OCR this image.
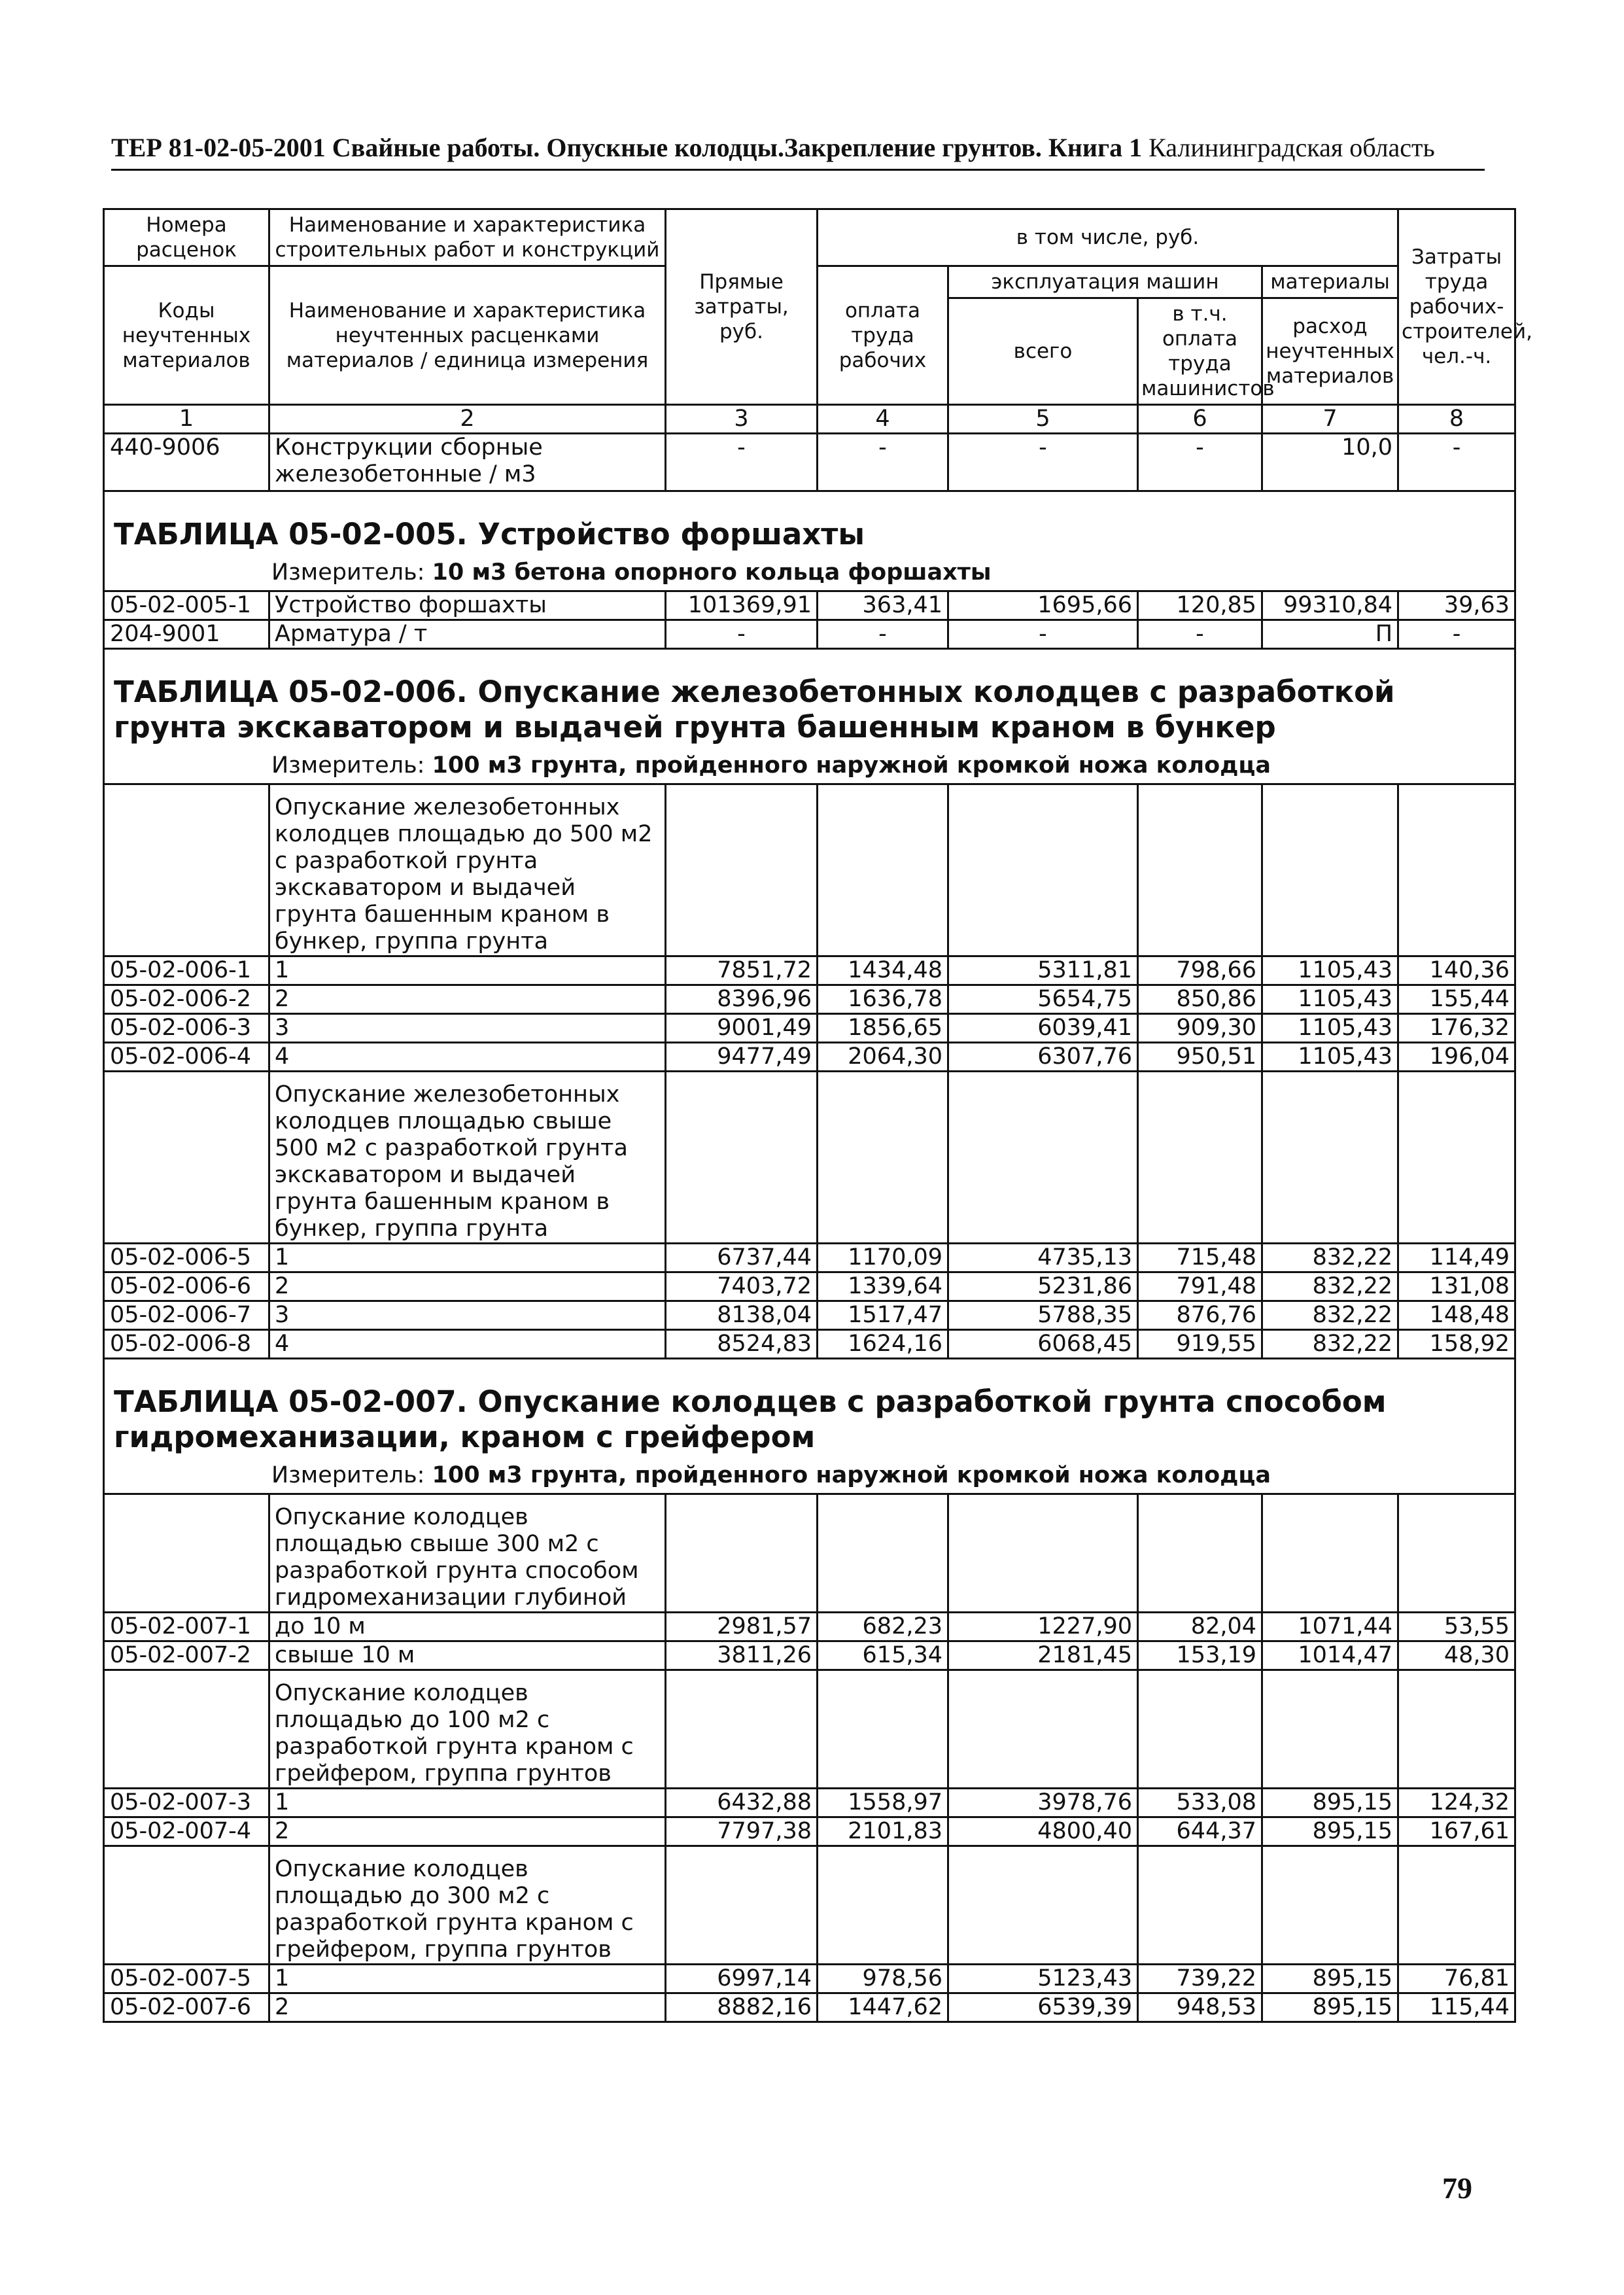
ТЕР 81-02-05-2001 Свайные работы. Опускные колодцы.Закрепление грунтов. Книга 1 Калининградская область
Номера расценок	Наименование и характеристика строительных работ и конструкций	Прямые затраты, руб.	в том числе, руб.				Затраты труда рабочих-строителей, чел.-ч.
Коды неучтенных материалов	Наименование и характеристика неучтенных расценками материалов / единица измерения		оплата труда рабочих	эксплуатация машин		материалы	
				всего	в т.ч. оплата труда машинистов	расход неучтенных материалов	
1	2	3	4	5	6	7	8
440-9006	Конструкции сборные железобетонные / м3	-	-	-	-	10,0	-

ТАБЛИЦА 05-02-005. Устройство форшахты							

Измеритель: 10 м3 бетона опорного кольца форшахты							
05-02-005-1	Устройство форшахты	101369,91	363,41	1695,66	120,85	99310,84	39,63
204-9001	Арматура / т	-	-	-	-	П	-

ТАБЛИЦА 05-02-006. Опускание железобетонных колодцев с разработкой грунта экскаватором и выдачей грунта башенным краном в бункер							

Измеритель: 100 м3 грунта, пройденного наружной кромкой ножа колодца							
	Опускание железобетонных колодцев площадью до 500 м2 с разработкой грунта экскаватором и выдачей грунта башенным краном в бункер, группа грунта						
05-02-006-1	1	7851,72	1434,48	5311,81	798,66	1105,43	140,36
05-02-006-2	2	8396,96	1636,78	5654,75	850,86	1105,43	155,44
05-02-006-3	3	9001,49	1856,65	6039,41	909,30	1105,43	176,32
05-02-006-4	4	9477,49	2064,30	6307,76	950,51	1105,43	196,04
	Опускание железобетонных колодцев площадью свыше 500 м2 с разработкой грунта экскаватором и выдачей грунта башенным краном в бункер, группа грунта						
05-02-006-5	1	6737,44	1170,09	4735,13	715,48	832,22	114,49
05-02-006-6	2	7403,72	1339,64	5231,86	791,48	832,22	131,08
05-02-006-7	3	8138,04	1517,47	5788,35	876,76	832,22	148,48
05-02-006-8	4	8524,83	1624,16	6068,45	919,55	832,22	158,92

ТАБЛИЦА 05-02-007. Опускание колодцев с разработкой грунта способом гидромеханизации, краном с грейфером							

Измеритель: 100 м3 грунта, пройденного наружной кромкой ножа колодца							
	Опускание колодцев площадью свыше 300 м2 с разработкой грунта способом гидромеханизации глубиной						
05-02-007-1	до 10 м	2981,57	682,23	1227,90	82,04	1071,44	53,55
05-02-007-2	свыше 10 м	3811,26	615,34	2181,45	153,19	1014,47	48,30
	Опускание колодцев площадью до 100 м2 с разработкой грунта краном с грейфером, группа грунтов						
05-02-007-3	1	6432,88	1558,97	3978,76	533,08	895,15	124,32
05-02-007-4	2	7797,38	2101,83	4800,40	644,37	895,15	167,61
	Опускание колодцев площадью до 300 м2 с разработкой грунта краном с грейфером, группа грунтов						
05-02-007-5	1	6997,14	978,56	5123,43	739,22	895,15	76,81
05-02-007-6	2	8882,16	1447,62	6539,39	948,53	895,15	115,44
79
